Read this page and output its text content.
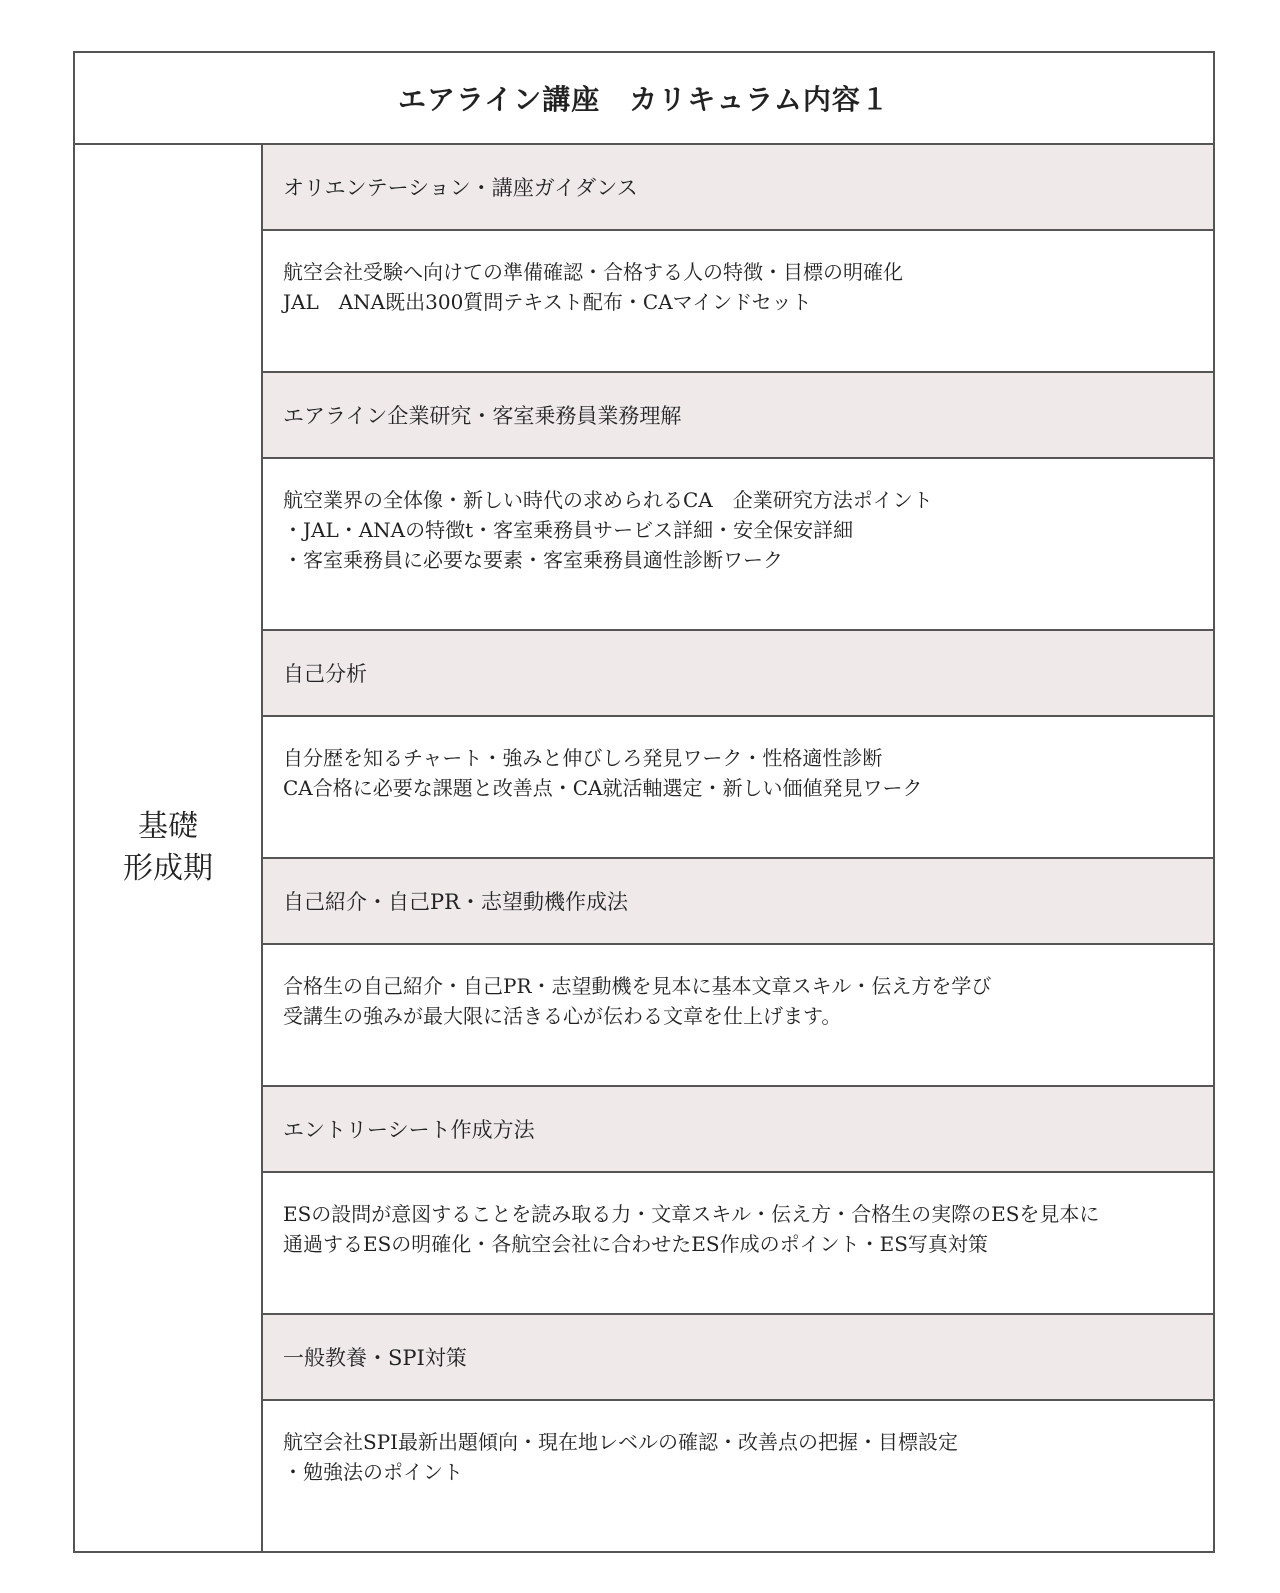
エアライン講座　カリキュラム内容１
基礎
形成期
オリエンテーション・講座ガイダンス
航空会社受験へ向けての準備確認・合格する人の特徴・目標の明確化
JAL　ANA既出300質問テキスト配布・CAマインドセット
エアライン企業研究・客室乗務員業務理解
航空業界の全体像・新しい時代の求められるCA　企業研究方法ポイント
・JAL・ANAの特徴t・客室乗務員サービス詳細・安全保安詳細
・客室乗務員に必要な要素・客室乗務員適性診断ワーク
自己分析
自分歴を知るチャート・強みと伸びしろ発見ワーク・性格適性診断
CA合格に必要な課題と改善点・CA就活軸選定・新しい価値発見ワーク
自己紹介・自己PR・志望動機作成法
合格生の自己紹介・自己PR・志望動機を見本に基本文章スキル・伝え方を学び
受講生の強みが最大限に活きる心が伝わる文章を仕上げます。
エントリーシート作成方法
ESの設問が意図することを読み取る力・文章スキル・伝え方・合格生の実際のESを見本に
通過するESの明確化・各航空会社に合わせたES作成のポイント・ES写真対策
一般教養・SPI対策
航空会社SPI最新出題傾向・現在地レベルの確認・改善点の把握・目標設定
・勉強法のポイント
